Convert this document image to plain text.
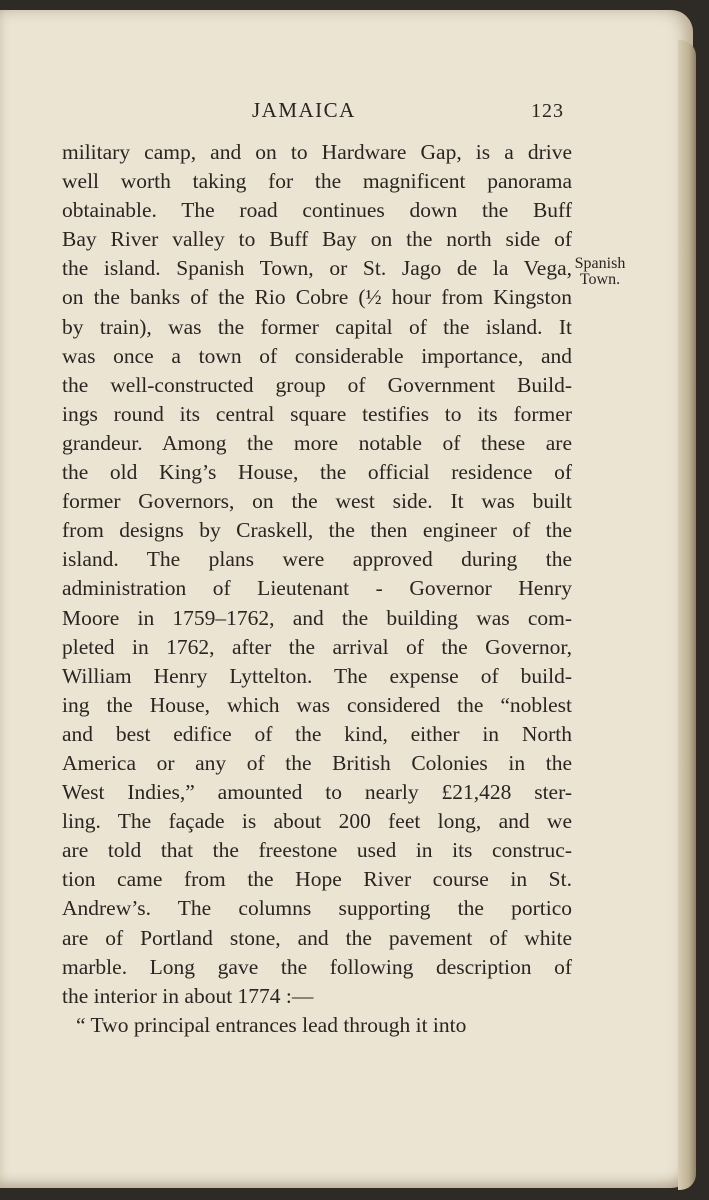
JAMAICA	123
Spanish
Town.
military camp, and on to Hardware Gap, is a drive
well worth taking for the magnificent panorama
obtainable. The road continues down the Buff
Bay River valley to Buff Bay on the north side of
the island. Spanish Town, or St. Jago de la Vega,
on the banks of the Rio Cobre (½ hour from Kingston
by train), was the former capital of the island. It
was once a town of considerable importance, and
the well-constructed group of Government Build-
ings round its central square testifies to its former
grandeur. Among the more notable of these are
the old King’s House, the official residence of
former Governors, on the west side. It was built
from designs by Craskell, the then engineer of the
island. The plans were approved during the
administration of Lieutenant - Governor Henry
Moore in 1759–1762, and the building was com-
pleted in 1762, after the arrival of the Governor,
William Henry Lyttelton. The expense of build-
ing the House, which was considered the “noblest
and best edifice of the kind, either in North
America or any of the British Colonies in the
West Indies,” amounted to nearly £21,428 ster-
ling. The façade is about 200 feet long, and we
are told that the freestone used in its construc-
tion came from the Hope River course in St.
Andrew’s. The columns supporting the portico
are of Portland stone, and the pavement of white
marble. Long gave the following description of
the interior in about 1774 :—
“ Two principal entrances lead through it into
